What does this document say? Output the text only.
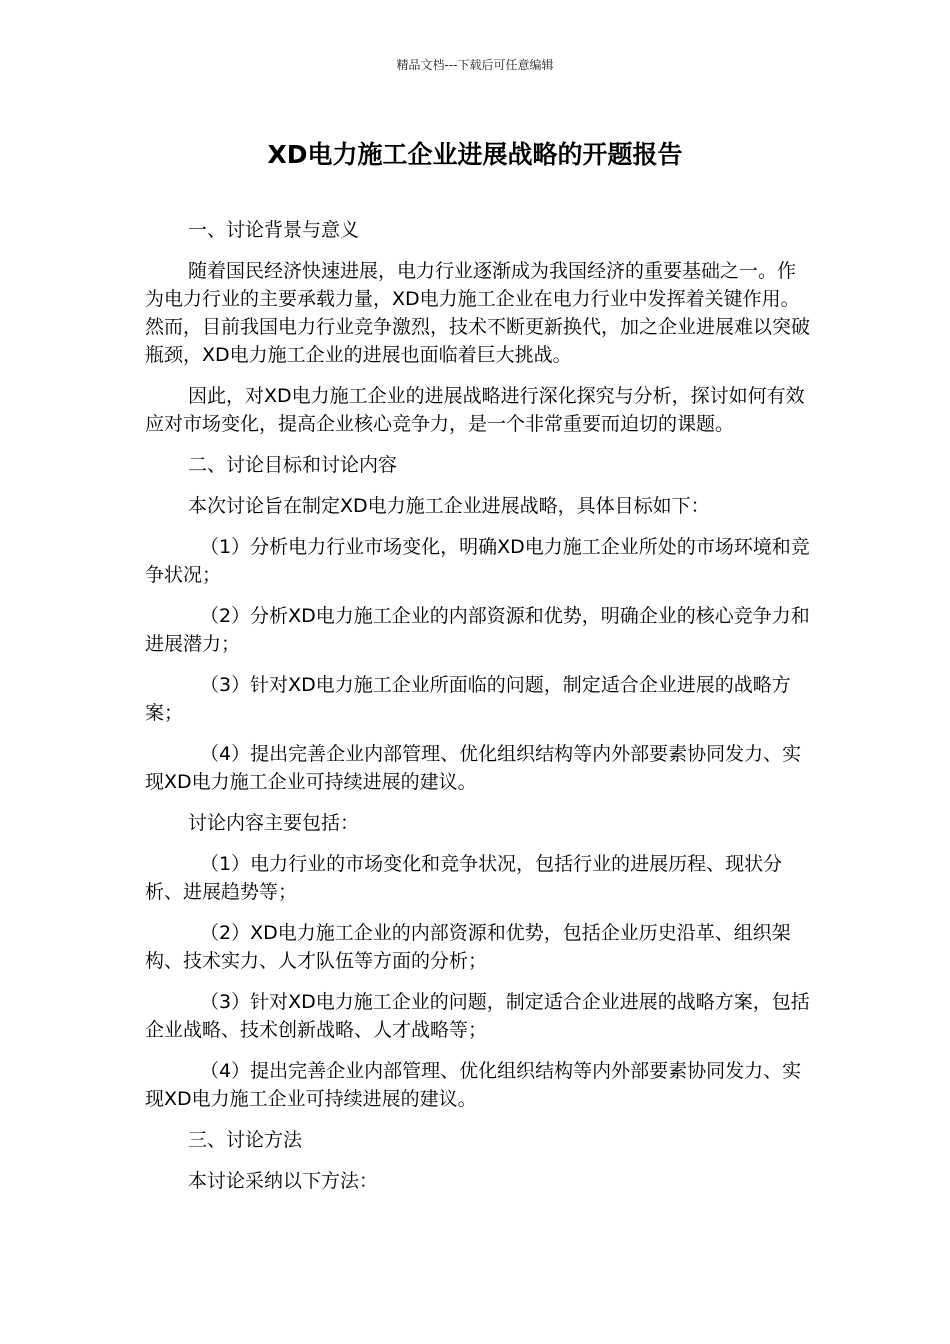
精品文档---下载后可任意编辑
XD电力施工企业进展战略的开题报告

一、讨论背景与意义

随着国民经济快速进展，电力行业逐渐成为我国经济的重要基础之一。作为电力行业的主要承载力量，XD电力施工企业在电力行业中发挥着关键作用。然而，目前我国电力行业竞争激烈，技术不断更新换代，加之企业进展难以突破瓶颈，XD电力施工企业的进展也面临着巨大挑战。

因此，对XD电力施工企业的进展战略进行深化探究与分析，探讨如何有效应对市场变化，提高企业核心竞争力，是一个非常重要而迫切的课题。

二、讨论目标和讨论内容

本次讨论旨在制定XD电力施工企业进展战略，具体目标如下：

（1）分析电力行业市场变化，明确XD电力施工企业所处的市场环境和竞争状况；

（2）分析XD电力施工企业的内部资源和优势，明确企业的核心竞争力和进展潜力；

（3）针对XD电力施工企业所面临的问题，制定适合企业进展的战略方案；

（4）提出完善企业内部管理、优化组织结构等内外部要素协同发力、实现XD电力施工企业可持续进展的建议。

讨论内容主要包括：

（1）电力行业的市场变化和竞争状况，包括行业的进展历程、现状分析、进展趋势等；

（2）XD电力施工企业的内部资源和优势，包括企业历史沿革、组织架构、技术实力、人才队伍等方面的分析；

（3）针对XD电力施工企业的问题，制定适合企业进展的战略方案，包括企业战略、技术创新战略、人才战略等；

（4）提出完善企业内部管理、优化组织结构等内外部要素协同发力、实现XD电力施工企业可持续进展的建议。

三、讨论方法

本讨论采纳以下方法：
